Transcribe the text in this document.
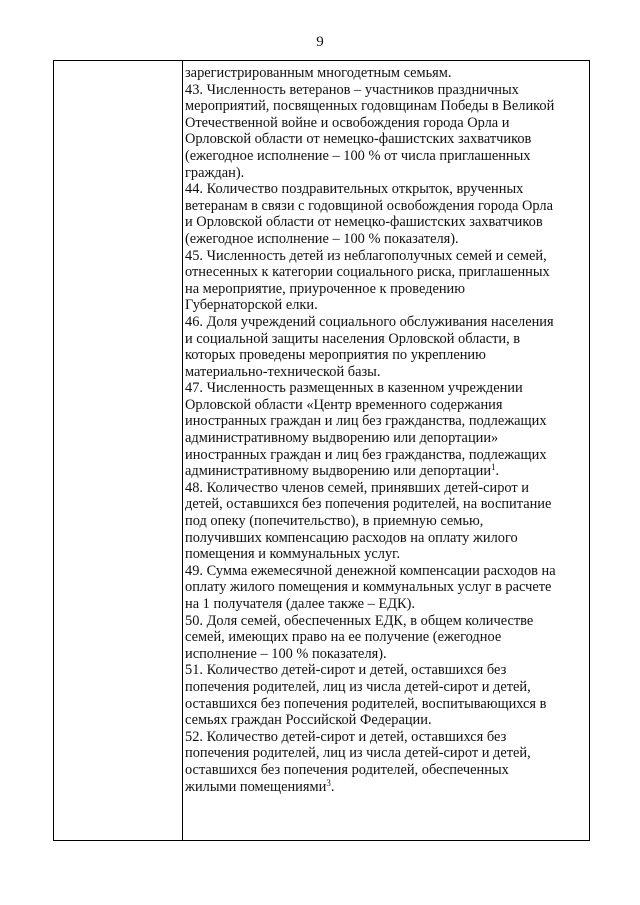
9
зарегистрированным многодетным семьям.
43. Численность ветеранов – участников праздничных
мероприятий, посвященных годовщинам Победы в Великой
Отечественной войне и освобождения города Орла и
Орловской области от немецко-фашистских захватчиков
(ежегодное исполнение – 100 % от числа приглашенных
граждан).
44. Количество поздравительных открыток, врученных
ветеранам в связи с годовщиной освобождения города Орла
и Орловской области от немецко-фашистских захватчиков
(ежегодное исполнение – 100 % показателя).
45. Численность детей из неблагополучных семей и семей,
отнесенных к категории социального риска, приглашенных
на мероприятие, приуроченное к проведению
Губернаторской елки.
46. Доля учреждений социального обслуживания населения
и социальной защиты населения Орловской области, в
которых проведены мероприятия по укреплению
материально-технической базы.
47. Численность размещенных в казенном учреждении
Орловской области «Центр временного содержания
иностранных граждан и лиц без гражданства, подлежащих
административному выдворению или депортации»
иностранных граждан и лиц без гражданства, подлежащих
административному выдворению или депортации$^1$.
48. Количество членов семей, принявших детей-сирот и
детей, оставшихся без попечения родителей, на воспитание
под опеку (попечительство), в приемную семью,
получивших компенсацию расходов на оплату жилого
помещения и коммунальных услуг.
49. Сумма ежемесячной денежной компенсации расходов на
оплату жилого помещения и коммунальных услуг в расчете
на 1 получателя (далее также – ЕДК).
50. Доля семей, обеспеченных ЕДК, в общем количестве
семей, имеющих право на ее получение (ежегодное
исполнение – 100 % показателя).
51. Количество детей-сирот и детей, оставшихся без
попечения родителей, лиц из числа детей-сирот и детей,
оставшихся без попечения родителей, воспитывающихся в
семьях граждан Российской Федерации.
52. Количество детей-сирот и детей, оставшихся без
попечения родителей, лиц из числа детей-сирот и детей,
оставшихся без попечения родителей, обеспеченных
жилыми помещениями$^3$.
